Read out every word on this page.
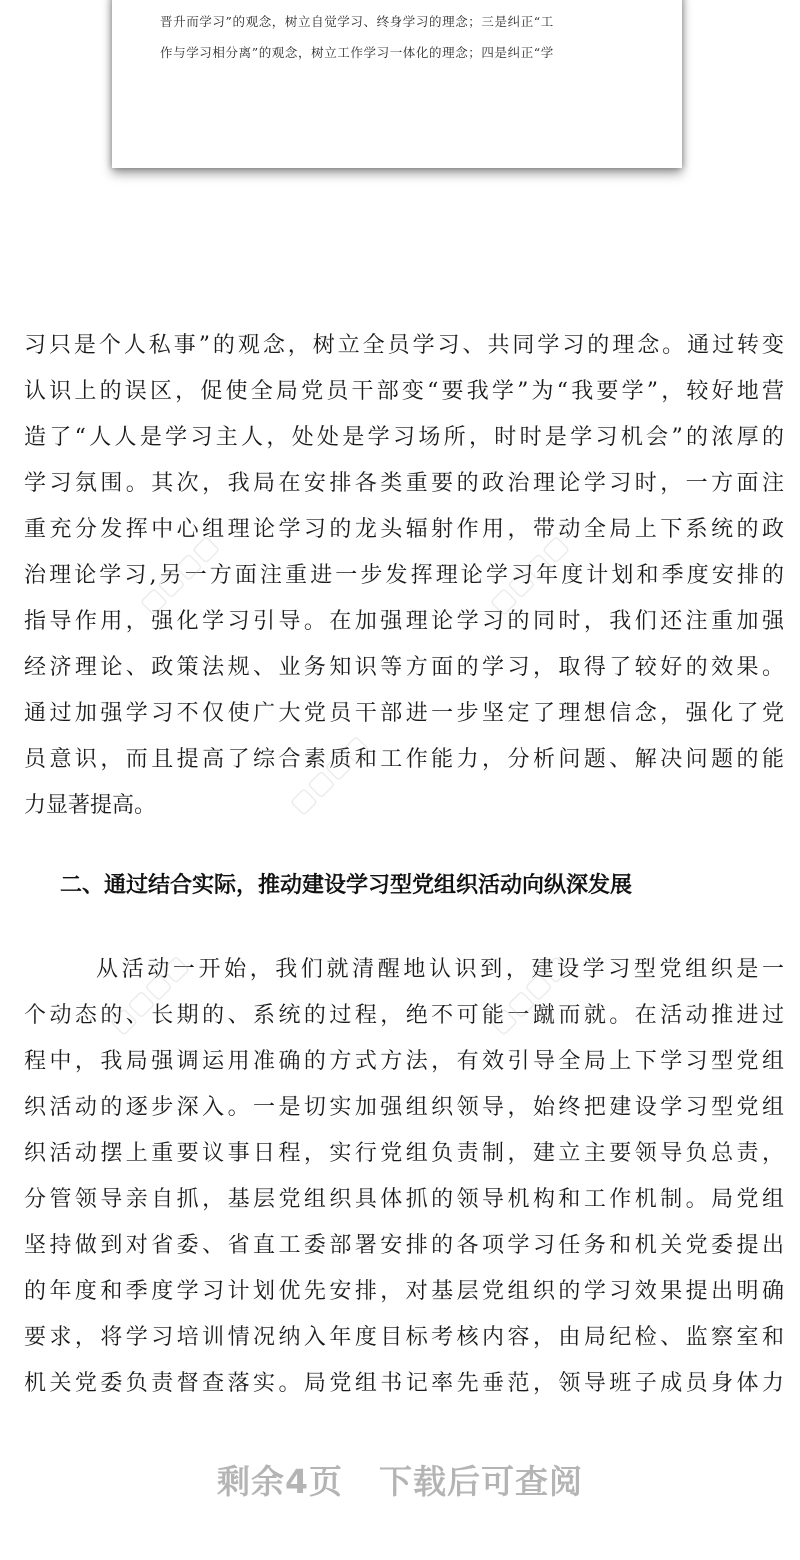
晋升而学习”的观念，树立自觉学习、终身学习的理念；三是纠正“工
作与学习相分离”的观念，树立工作学习一体化的理念；四是纠正“学
习只是个人私事”的观念，树立全员学习、共同学习的理念。通过转变
认识上的误区，促使全局党员干部变“要我学”为“我要学”，较好地营
造了“人人是学习主人，处处是学习场所，时时是学习机会”的浓厚的
学习氛围。其次，我局在安排各类重要的政治理论学习时，一方面注
重充分发挥中心组理论学习的龙头辐射作用，带动全局上下系统的政
治理论学习,另一方面注重进一步发挥理论学习年度计划和季度安排的
指导作用，强化学习引导。在加强理论学习的同时，我们还注重加强
经济理论、政策法规、业务知识等方面的学习，取得了较好的效果。
通过加强学习不仅使广大党员干部进一步坚定了理想信念，强化了党
员意识，而且提高了综合素质和工作能力，分析问题、解决问题的能
力显著提高。
二、通过结合实际，推动建设学习型党组织活动向纵深发展
从活动一开始，我们就清醒地认识到，建设学习型党组织是一
个动态的、长期的、系统的过程，绝不可能一蹴而就。在活动推进过
程中，我局强调运用准确的方式方法，有效引导全局上下学习型党组
织活动的逐步深入。一是切实加强组织领导，始终把建设学习型党组
织活动摆上重要议事日程，实行党组负责制，建立主要领导负总责，
分管领导亲自抓，基层党组织具体抓的领导机构和工作机制。局党组
坚持做到对省委、省直工委部署安排的各项学习任务和机关党委提出
的年度和季度学习计划优先安排，对基层党组织的学习效果提出明确
要求，将学习培训情况纳入年度目标考核内容，由局纪检、监察室和
机关党委负责督查落实。局党组书记率先垂范，领导班子成员身体力
▢▢▢▢	▢▢▢▢
▢▢▢▢
▢▢▢▢	▢▢▢▢
剩余4页 下载后可查阅
